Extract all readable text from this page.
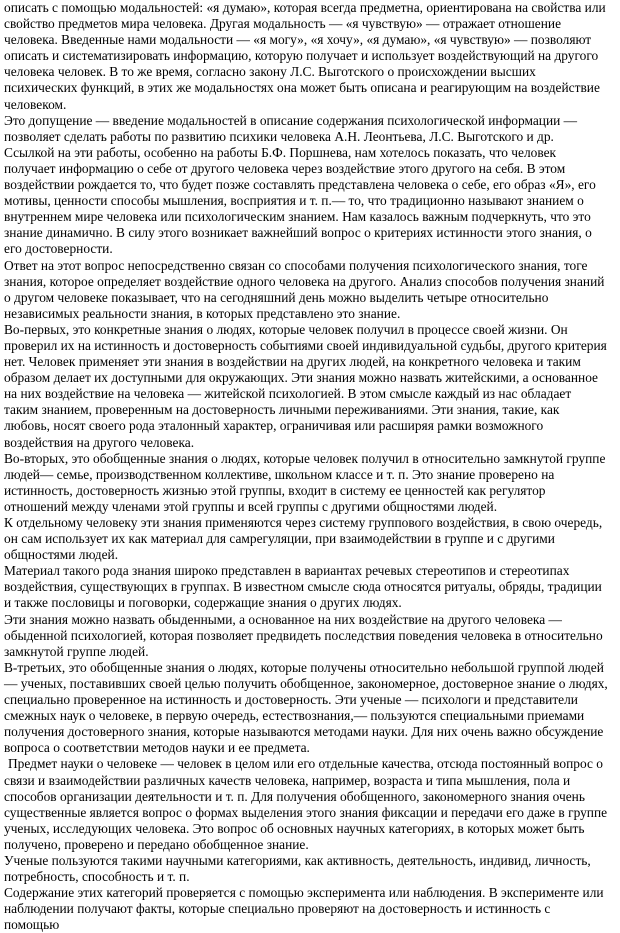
описать с помощью модальностей: «я думаю», которая всегда предметна, ориентирована на свойства или свойство предметов мира человека. Другая модальность — «я чувствую» — отражает отношение человека. Введенные нами модальности — «я могу», «я хочу», «я думаю», «я чувствую» — позволяют описать и систематизировать информацию, которую получает и использует воздействующий на другого человека человек. В то же время, согласно закону Л.С. Выготского о происхождении высших психических функций, в этих же модальностях она может быть описана и реагирующим на воздействие человеком.

Это допущение — введение модальностей в описание содержания психологической информации — позволяет сделать работы по развитию психики человека А.Н. Леонтьева, Л.С. Выготского и др.

Ссылкой на эти работы, особенно на работы Б.Ф. Поршнева, нам хотелось показать, что человек получает информацию о себе от другого человека через воздействие этого другого на себя. В этом воздействии рождается то, что будет позже составлять представлена человека о себе, его образ «Я», его мотивы, ценности способы мышления, восприятия и т. п.— то, что традиционно называют знанием о внутреннем мире человека или психологическим знанием. Нам казалось важным подчеркнуть, что это знание динамично. В силу этого возникает важнейший вопрос о критериях истинности этого знания, о его достоверности.

Ответ на этот вопрос непосредственно связан со способами получения психологического знания, тоге знания, которое определяет воздействие одного человека на другого. Анализ способов получения знаний о другом человеке показывает, что на сегодняшний день можно выделить четыре относительно независимых реальности знания, в которых представлено это знание.

Во-первых, это конкретные знания о людях, которые человек получил в процессе своей жизни. Он проверил их на истинность и достоверность событиями своей индивидуальной судьбы, другого критерия нет. Человек применяет эти знания в воздействии на других людей, на конкретного человека и таким образом делает их доступными для окружающих. Эти знания можно назвать житейскими, а основанное на них воздействие на человека — житейской психологией. В этом смысле каждый из нас обладает таким знанием, проверенным на достоверность личными переживаниями. Эти знания, такие, как любовь, носят своего рода эталонный характер, ограничивая или расширяя рамки возможного воздействия на другого человека.

Во-вторых, это обобщенные знания о людях, которые человек получил в относительно замкнутой группе людей— семье, производственном коллективе, школьном классе и т. п. Это знание проверено на истинность, достоверность жизнью этой группы, входит в систему ее ценностей как регулятор отношений между членами этой группы и всей группы с другими общностями людей.

К отдельному человеку эти знания применяются через систему группового воздействия, в свою очередь, он сам использует их как материал для самрегуляции, при взаимодействии в группе и с другими общностями людей.

Материал такого рода знания широко представлен в вариантах речевых стереотипов и стереотипах воздействия, существующих в группах. В известном смысле сюда относятся ритуалы, обряды, традиции и также пословицы и поговорки, содержащие знания о других людях.

Эти знания можно назвать обыденными, а основанное на них воздействие на другого человека — обыденной психологией, которая позволяет предвидеть последствия поведения человека в относительно замкнутой группе людей.

В-третьих, это обобщенные знания о людях, которые получены относительно небольшой группой людей— ученых, поставивших своей целью получить обобщенное, закономерное, достоверное знание о людях, специально проверенное на истинность и достоверность. Эти ученые — психологи и представители смежных наук о человеке, в первую очередь, естествознания,— пользуются специальными приемами получения достоверного знания, которые называются методами науки. Для них очень важно обсуждение вопроса о соответствии методов науки и ее предмета.

Предмет науки о человеке — человек в целом или его отдельные качества, отсюда постоянный вопрос о связи и взаимодействии различных качеств человека, например, возраста и типа мышления, пола и способов организации деятельности и т. п. Для получения обобщенного, закономерного знания очень существенные является вопрос о формах выделения этого знания фиксации и передачи его даже в группе ученых, исследующих человека. Это вопрос об основных научных категориях, в которых может быть получено, проверено и передано обобщенное знание.

Ученые пользуются такими научными категориями, как активность, деятельность, индивид, личность, потребность, способность и т. п.

Содержание этих категорий проверяется с помощью эксперимента или наблюдения. В эксперименте или наблюдении получают факты, которые специально проверяют на достоверность и истинность с помощью
